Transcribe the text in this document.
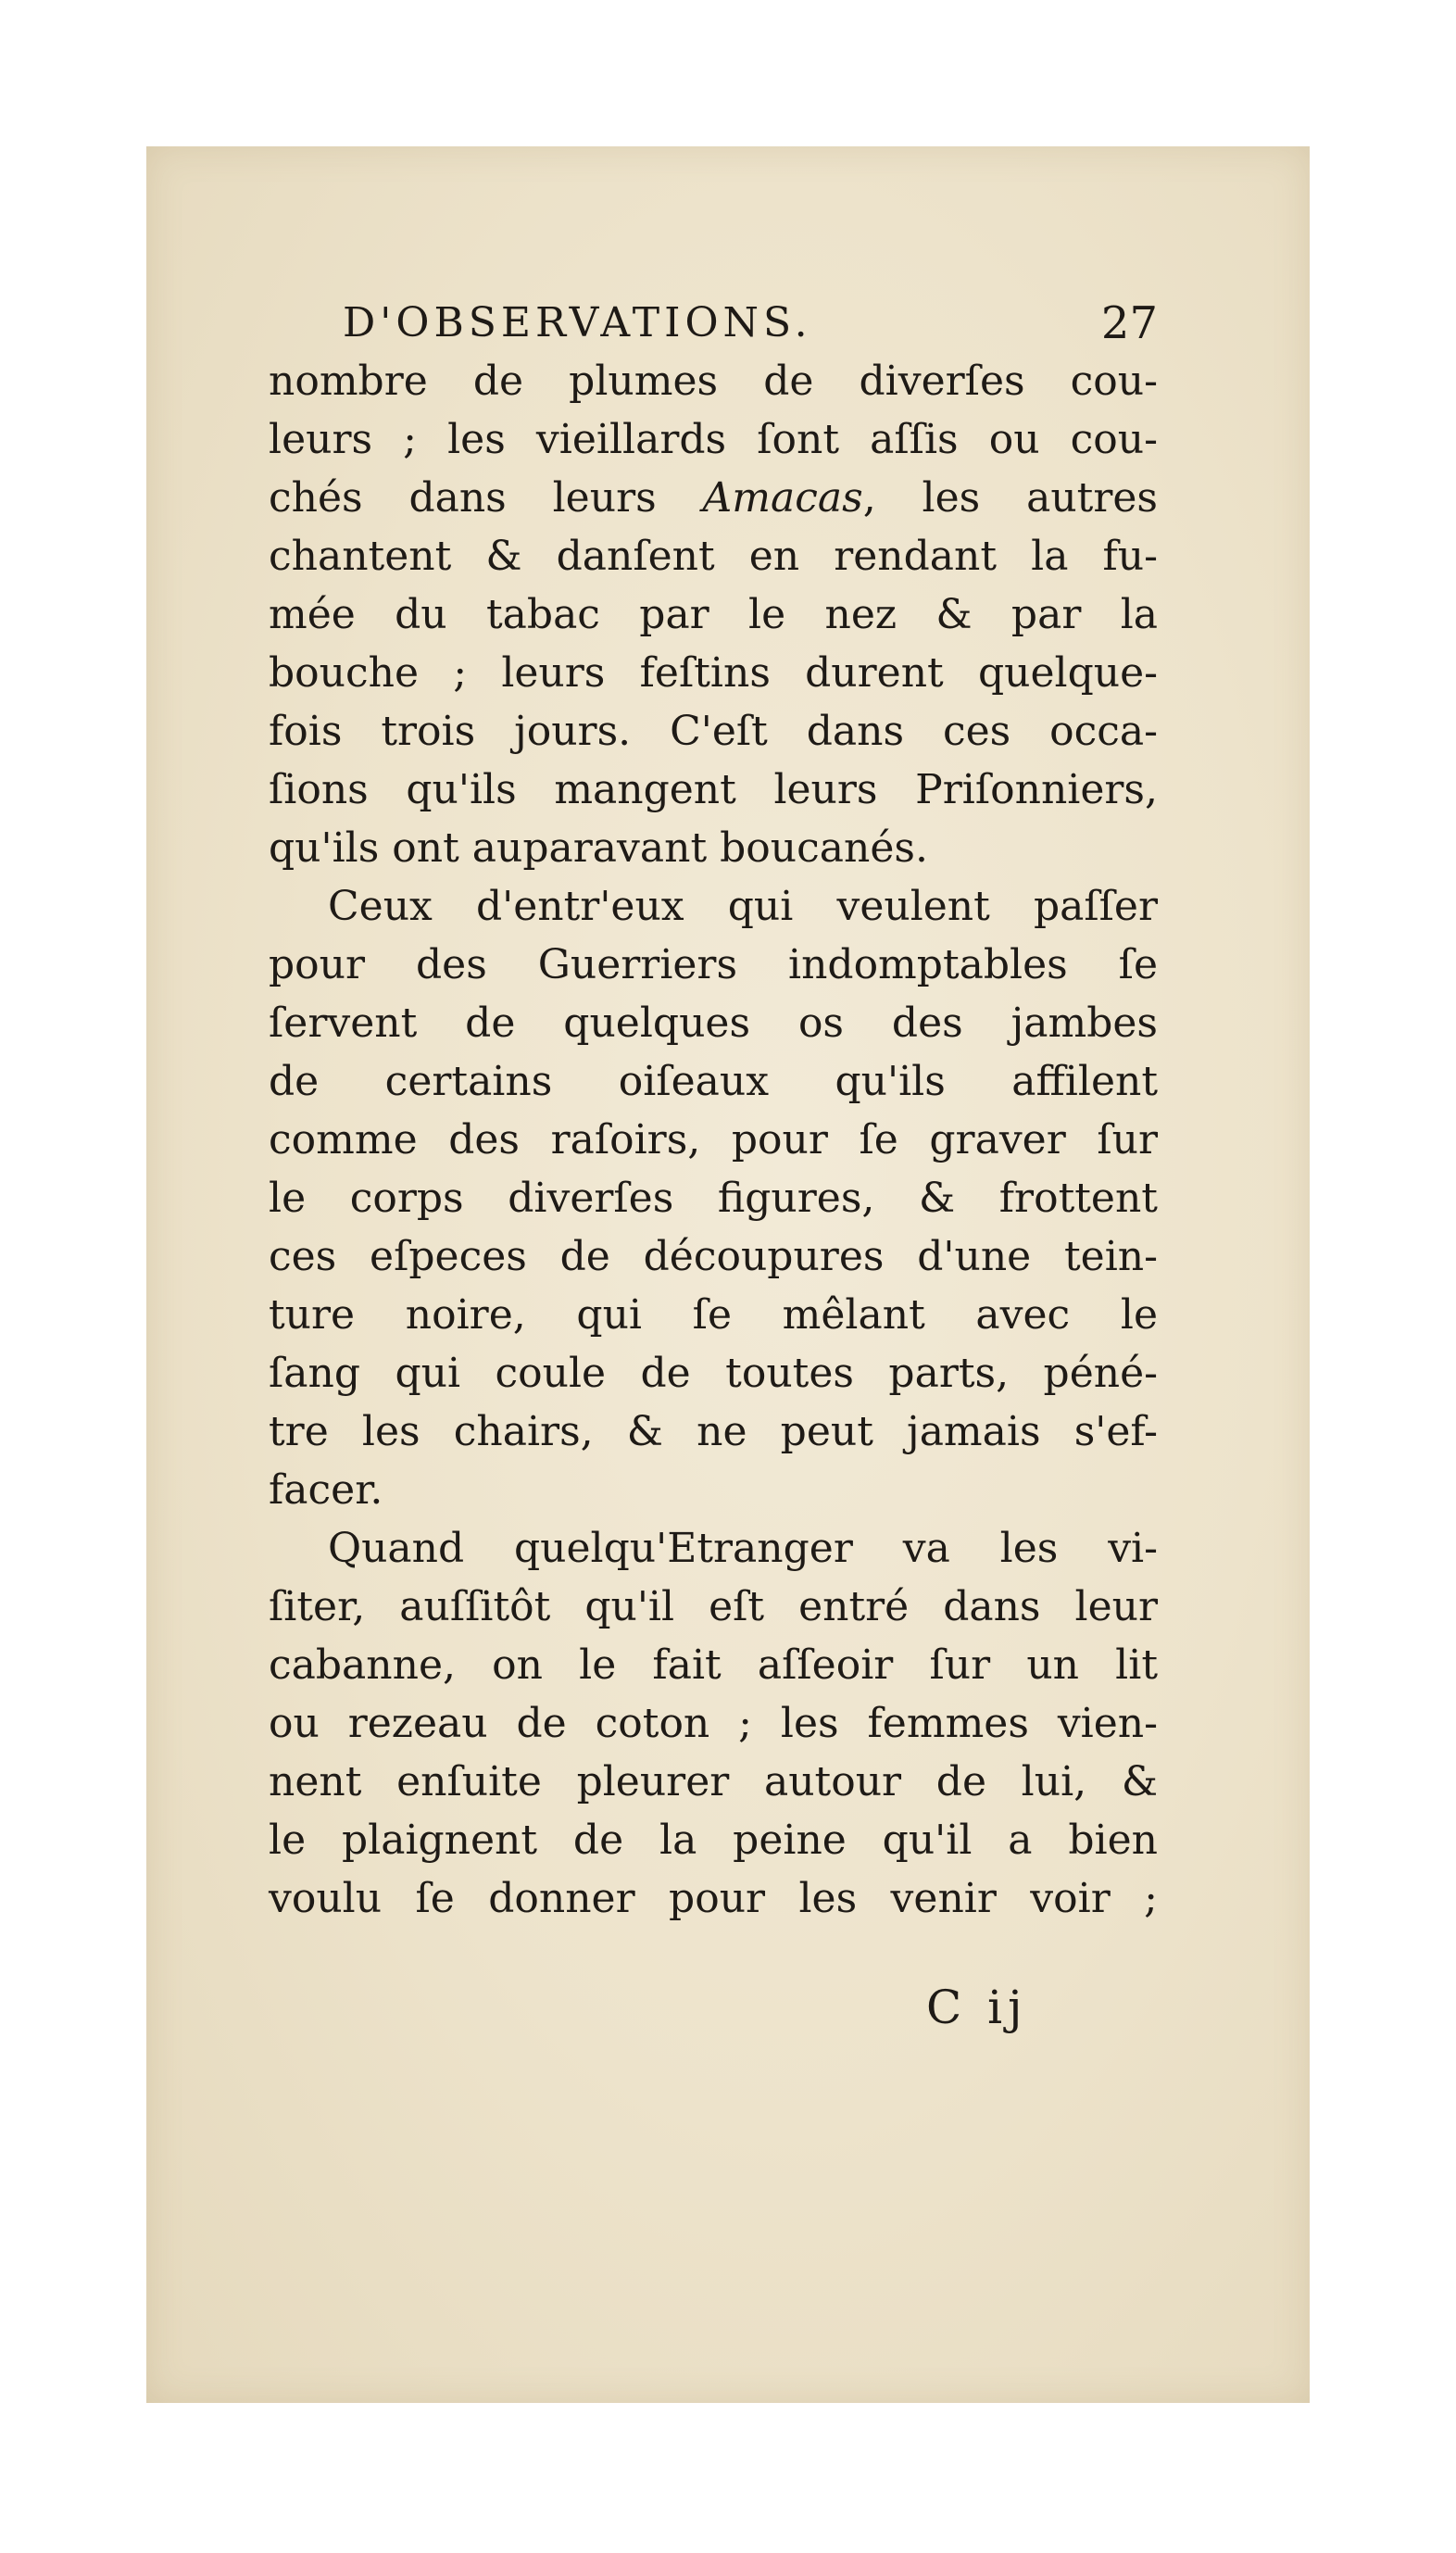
D'OBSERVATIONS.	27
nombre de plumes de diverſes cou-
leurs ; les vieillards ſont aſſis ou cou-
chés dans leurs Amacas, les autres
chantent & danſent en rendant la fu-
mée du tabac par le nez & par la
bouche ; leurs feſtins durent quelque-
fois trois jours. C'eſt dans ces occa-
ſions qu'ils mangent leurs Priſonniers,
qu'ils ont auparavant boucanés.
Ceux d'entr'eux qui veulent paſſer
pour des Guerriers indomptables ſe
ſervent de quelques os des jambes
de certains oiſeaux qu'ils affilent
comme des raſoirs, pour ſe graver ſur
le corps diverſes figures, & frottent
ces eſpeces de découpures d'une tein-
ture noire, qui ſe mêlant avec le
ſang qui coule de toutes parts, péné-
tre les chairs, & ne peut jamais s'ef-
facer.
Quand quelqu'Etranger va les vi-
ſiter, auſſitôt qu'il eſt entré dans leur
cabanne, on le fait aſſeoir ſur un lit
ou rezeau de coton ; les femmes vien-
nent enſuite pleurer autour de lui, &
le plaignent de la peine qu'il a bien
voulu ſe donner pour les venir voir ;
C ij
